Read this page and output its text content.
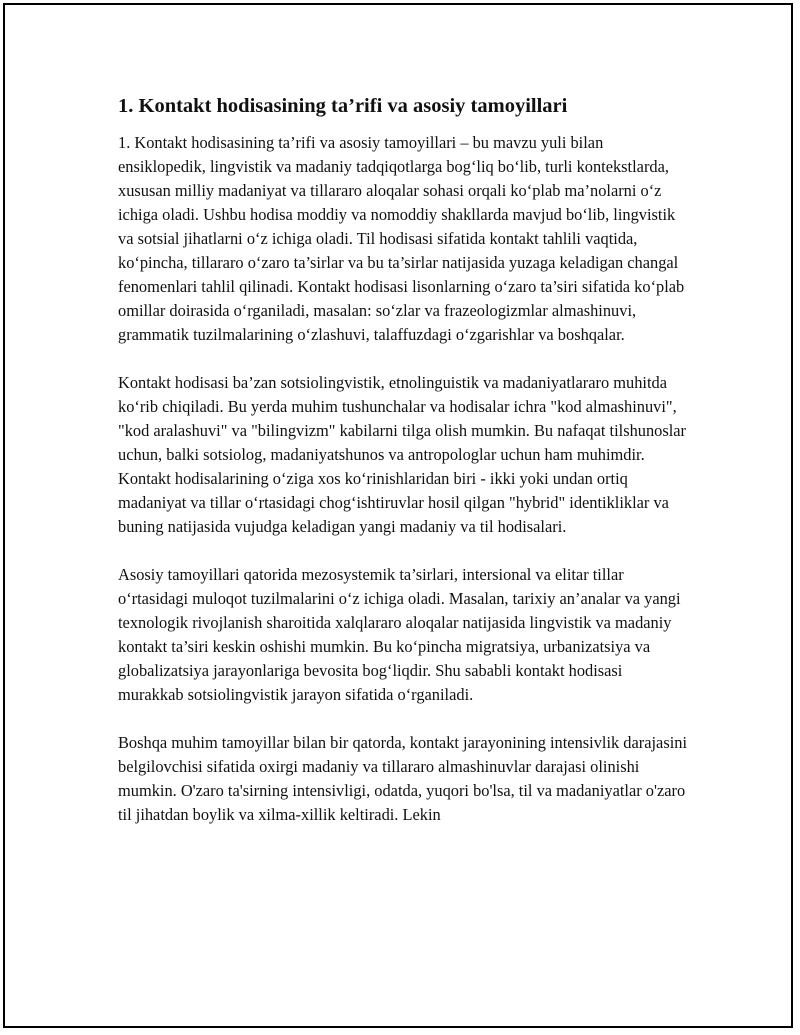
1. Kontakt hodisasining ta’rifi va asosiy tamoyillari

1. Kontakt hodisasining ta’rifi va asosiy tamoyillari – bu mavzu yuli bilan ensiklopedik, lingvistik va madaniy tadqiqotlarga bog‘liq bo‘lib, turli kontekstlarda, xususan milliy madaniyat va tillararo aloqalar sohasi orqali ko‘plab ma’nolarni o‘z ichiga oladi. Ushbu hodisa moddiy va nomoddiy shakllarda mavjud bo‘lib, lingvistik va sotsial jihatlarni o‘z ichiga oladi. Til hodisasi sifatida kontakt tahlili vaqtida, ko‘pincha, tillararo o‘zaro ta’sirlar va bu ta’sirlar natijasida yuzaga keladigan changal fenomenlari tahlil qilinadi. Kontakt hodisasi lisonlarning o‘zaro ta’siri sifatida ko‘plab omillar doirasida o‘rganiladi, masalan: so‘zlar va frazeologizmlar almashinuvi, grammatik tuzilmalarining o‘zlashuvi, talaffuzdagi o‘zgarishlar va boshqalar.

Kontakt hodisasi ba’zan sotsiolingvistik, etnolinguistik va madaniyatlararo muhitda ko‘rib chiqiladi. Bu yerda muhim tushunchalar va hodisalar ichra "kod almashinuvi", "kod aralashuvi" va "bilingvizm" kabilarni tilga olish mumkin. Bu nafaqat tilshunoslar uchun, balki sotsiolog, madaniyatshunos va antropologlar uchun ham muhimdir. Kontakt hodisalarining o‘ziga xos ko‘rinishlaridan biri - ikki yoki undan ortiq madaniyat va tillar o‘rtasidagi chog‘ishtiruvlar hosil qilgan "hybrid" identikliklar va buning natijasida vujudga keladigan yangi madaniy va til hodisalari.

Asosiy tamoyillari qatorida mezosystemik ta’sirlari, intersional va elitar tillar o‘rtasidagi muloqot tuzilmalarini o‘z ichiga oladi. Masalan, tarixiy an’analar va yangi texnologik rivojlanish sharoitida xalqlararo aloqalar natijasida lingvistik va madaniy kontakt ta’siri keskin oshishi mumkin. Bu ko‘pincha migratsiya, urbanizatsiya va globalizatsiya jarayonlariga bevosita bog‘liqdir. Shu sababli kontakt hodisasi murakkab sotsiolingvistik jarayon sifatida o‘rganiladi.

Boshqa muhim tamoyillar bilan bir qatorda, kontakt jarayonining intensivlik darajasini belgilovchisi sifatida oxirgi madaniy va tillararo almashinuvlar darajasi olinishi mumkin. O'zaro ta'sirning intensivligi, odatda, yuqori bo'lsa, til va madaniyatlar o'zaro til jihatdan boylik va xilma-xillik keltiradi. Lekin
